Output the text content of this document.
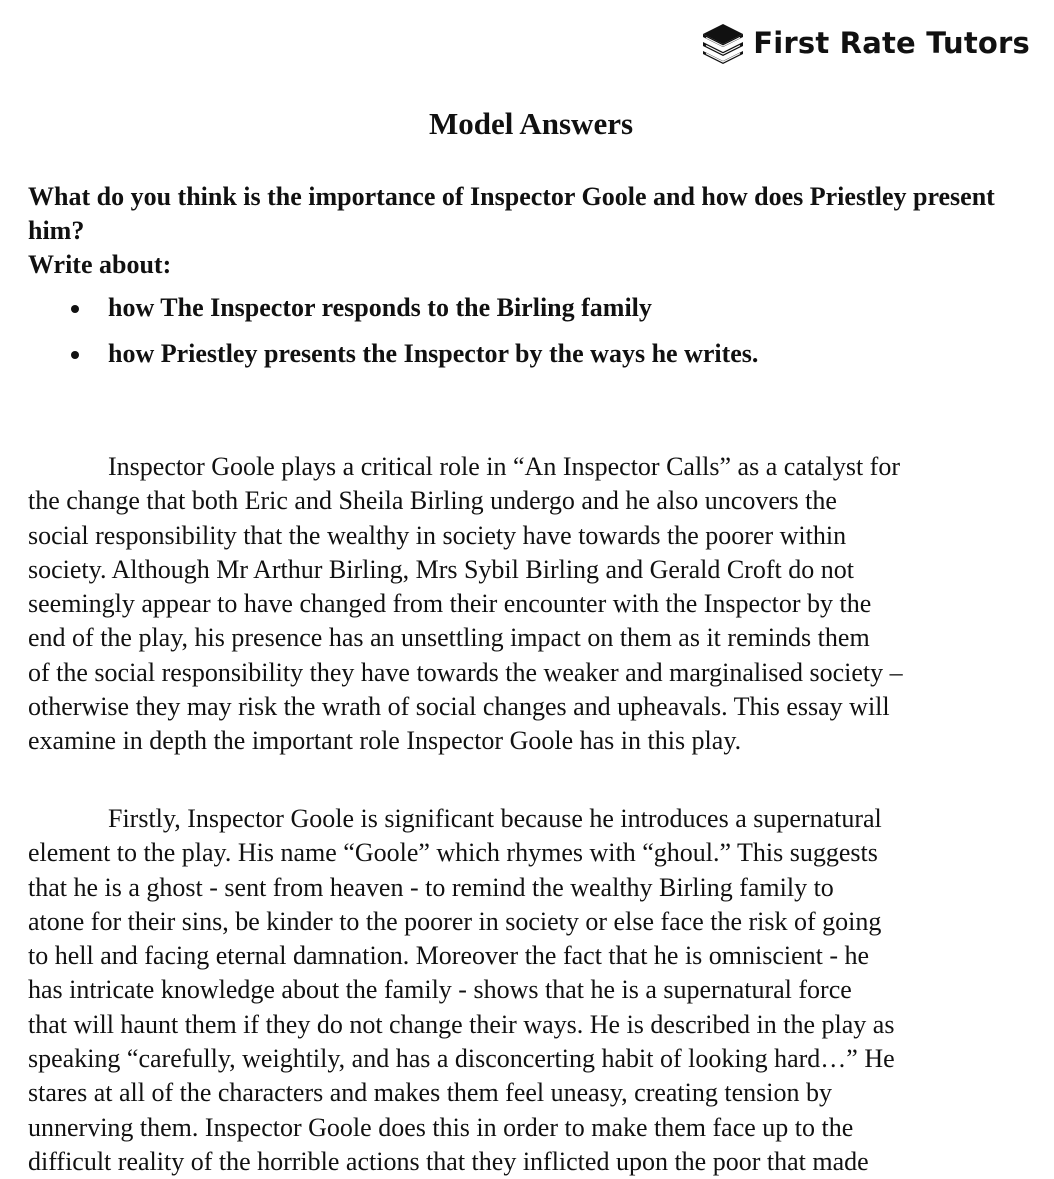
First Rate Tutors
Model Answers

What do you think is the importance of Inspector Goole and how does Priestley present him?

Write about:

how The Inspector responds to the Birling family
how Priestley presents the Inspector by the ways he writes.
Inspector Goole plays a critical role in “An Inspector Calls” as a catalyst for
the change that both Eric and Sheila Birling undergo and he also uncovers the
social responsibility that the wealthy in society have towards the poorer within
society. Although Mr Arthur Birling, Mrs Sybil Birling and Gerald Croft do not
seemingly appear to have changed from their encounter with the Inspector by the
end of the play, his presence has an unsettling impact on them as it reminds them
of the social responsibility they have towards the weaker and marginalised society –
otherwise they may risk the wrath of social changes and upheavals. This essay will
examine in depth the important role Inspector Goole has in this play.
Firstly, Inspector Goole is significant because he introduces a supernatural
element to the play. His name “Goole” which rhymes with “ghoul.” This suggests
that he is a ghost - sent from heaven - to remind the wealthy Birling family to
atone for their sins, be kinder to the poorer in society or else face the risk of going
to hell and facing eternal damnation. Moreover the fact that he is omniscient - he
has intricate knowledge about the family - shows that he is a supernatural force
that will haunt them if they do not change their ways. He is described in the play as
speaking “carefully, weightily, and has a disconcerting habit of looking hard…” He
stares at all of the characters and makes them feel uneasy, creating tension by
unnerving them. Inspector Goole does this in order to make them face up to the
difficult reality of the horrible actions that they inflicted upon the poor that made
